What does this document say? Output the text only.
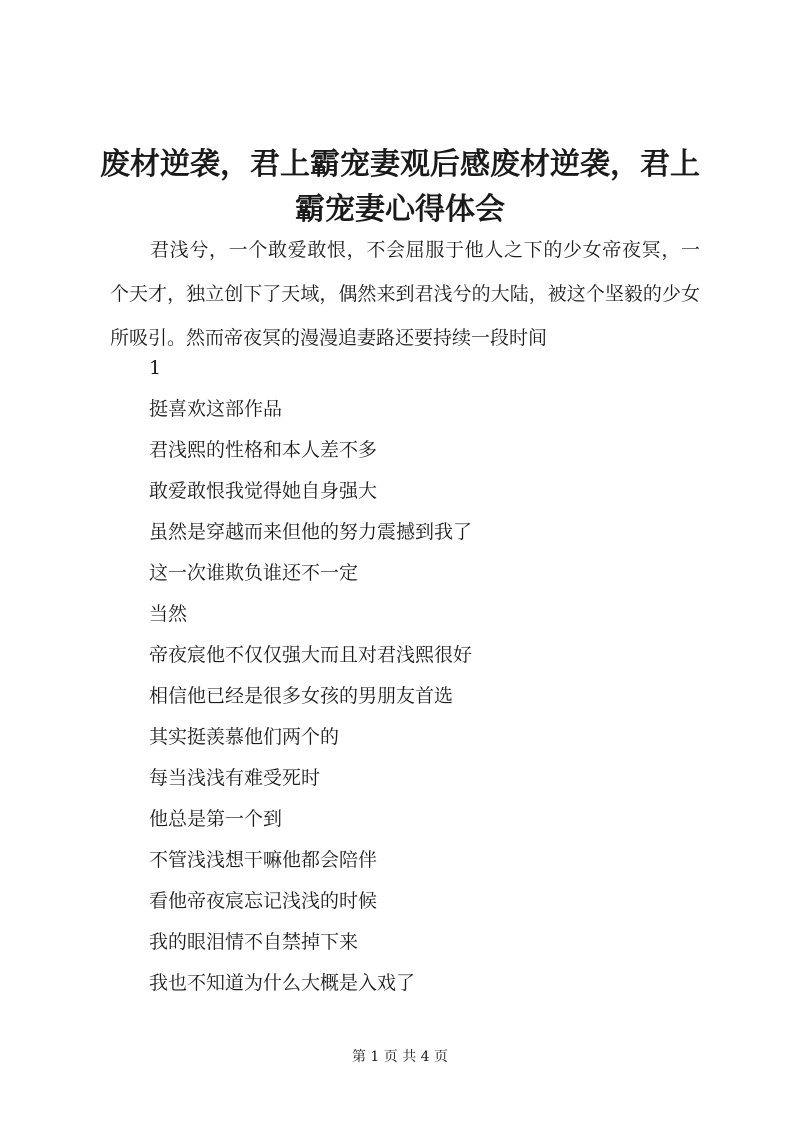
废材逆袭，君上霸宠妻观后感废材逆袭，君上霸宠妻心得体会

君浅兮，一个敢爱敢恨，不会屈服于他人之下的少女帝夜冥，一个天才，独立创下了天域，偶然来到君浅兮的大陆，被这个坚毅的少女所吸引。然而帝夜冥的漫漫追妻路还要持续一段时间

1
挺喜欢这部作品
君浅熙的性格和本人差不多
敢爱敢恨我觉得她自身强大
虽然是穿越而来但他的努力震撼到我了
这一次谁欺负谁还不一定
当然
帝夜宸他不仅仅强大而且对君浅熙很好
相信他已经是很多女孩的男朋友首选
其实挺羡慕他们两个的
每当浅浅有难受死时
他总是第一个到
不管浅浅想干嘛他都会陪伴
看他帝夜宸忘记浅浅的时候
我的眼泪情不自禁掉下来
我也不知道为什么大概是入戏了
第 1 页 共 4 页
